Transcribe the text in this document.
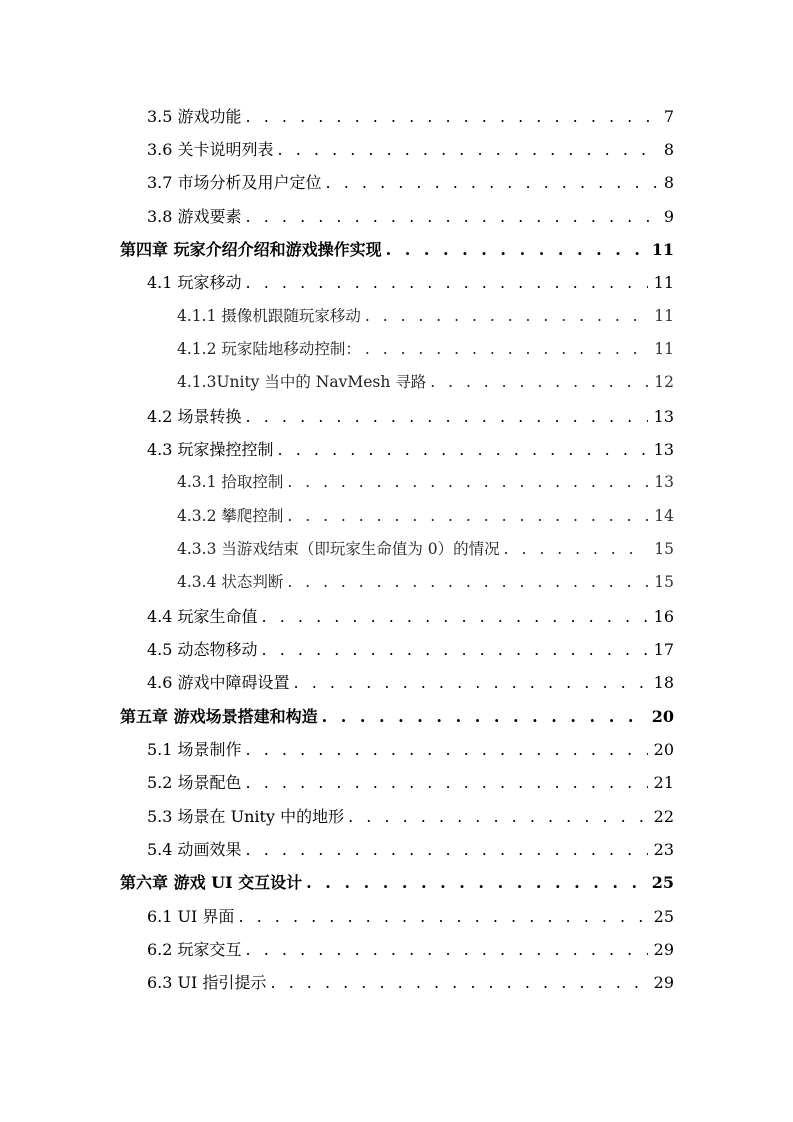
3.5 游戏功能 . . .	7
3.6 关卡说明列表 . . .	8
3.7 市场分析及用户定位 . . .	8
3.8 游戏要素 . . .	9
第四章 玩家介绍介绍和游戏操作实现 . . .	11
4.1 玩家移动 . . .	11
4.1.1 摄像机跟随玩家移动 . . .	11
4.1.2 玩家陆地移动控制： . . .	11
4.1.3Unity 当中的 NavMesh 寻路 . . .	12
4.2 场景转换 . . .	13
4.3 玩家操控控制 . . .	13
4.3.1 拾取控制 . . .	13
4.3.2 攀爬控制 . . .	14
4.3.3 当游戏结束（即玩家生命值为 0）的情况 . . .	15
4.3.4 状态判断 . . .	15
4.4 玩家生命值 . . .	16
4.5 动态物移动 . . .	17
4.6 游戏中障碍设置 . . .	18
第五章 游戏场景搭建和构造 . . .	20
5.1 场景制作 . . .	20
5.2 场景配色 . . .	21
5.3 场景在 Unity 中的地形 . . .	22
5.4 动画效果 . . .	23
第六章 游戏 UI 交互设计 . . .	25
6.1 UI 界面 . . .	25
6.2 玩家交互 . . .	29
6.3 UI 指引提示 . . .	29
